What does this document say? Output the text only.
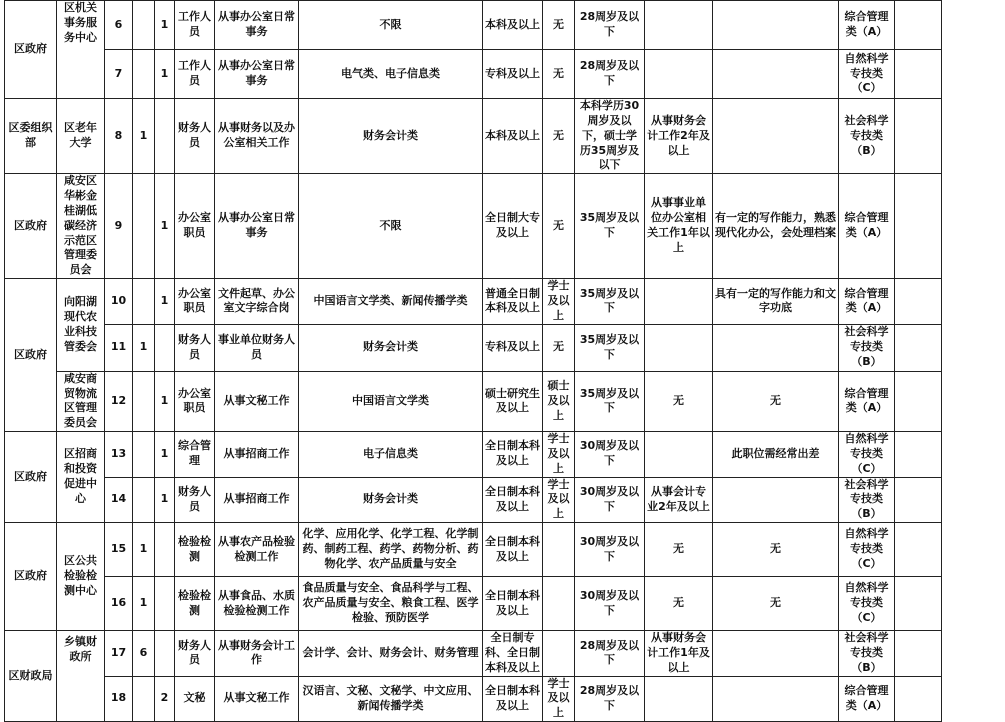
区政府	区机关事务服务中心	6		1	工作人员	从事办公室日常事务	不限	本科及以上	无	28周岁及以下			综合管理类（A）	
		7		1	工作人员	从事办公室日常事务	电气类、电子信息类	专科及以上	无	28周岁及以下			自然科学专技类（C）	
区委组织部	区老年大学	8	1		财务人员	从事财务以及办公室相关工作	财务会计类	本科及以上	无	本科学历30周岁及以下，硕士学历35周岁及以下	从事财务会计工作2年及以上		社会科学专技类（B）	
区政府	咸安区华彬金桂湖低碳经济示范区管理委员会	9		1	办公室职员	从事办公室日常事务	不限	全日制大专及以上	无	35周岁及以下	从事事业单位办公室相关工作1年以上	有一定的写作能力，熟悉现代化办公，会处理档案	综合管理类（A）	
区政府	向阳湖现代农业科技管委会	10		1	办公室职员	文件起草、办公室文字综合岗	中国语言文学类、新闻传播学类	普通全日制本科及以上	学士及以上	35周岁及以下		具有一定的写作能力和文字功底	综合管理类（A）	
		11	1		财务人员	事业单位财务人员	财务会计类	专科及以上	无	35周岁及以下			社会科学专技类（B）	
	咸安商贸物流区管理委员会	12		1	办公室职员	从事文秘工作	中国语言文学类	硕士研究生及以上	硕士及以上	35周岁及以下	无	无	综合管理类（A）	
区政府	区招商和投资促进中心	13		1	综合管理	从事招商工作	电子信息类	全日制本科及以上	学士及以上	30周岁及以下		此职位需经常出差	自然科学专技类（C）	
		14		1	财务人员	从事招商工作	财务会计类	全日制本科及以上	学士及以上	30周岁及以下	从事会计专业2年及以上		社会科学专技类（B）	
区政府	区公共检验检测中心	15	1		检验检测	从事农产品检验检测工作	化学、应用化学、化学工程、化学制药、制药工程、药学、药物分析、药物化学、农产品质量与安全	全日制本科及以上		30周岁及以下	无	无	自然科学专技类（C）	
		16	1		检验检测	从事食品、水质检验检测工作	食品质量与安全、食品科学与工程、农产品质量与安全、粮食工程、医学检验、预防医学	全日制本科及以上		30周岁及以下	无	无	自然科学专技类（C）	
区财政局	乡镇财政所	17	6		财务人员	从事财务会计工作	会计学、会计、财务会计、财务管理	全日制专科、全日制本科及以上		28周岁及以下	从事财务会计工作1年及以上		社会科学专技类（B）	
		18		2	文秘	从事文秘工作	汉语言、文秘、文秘学、中文应用、新闻传播学类	全日制本科及以上	学士及以上	28周岁及以下			综合管理类（A）	
